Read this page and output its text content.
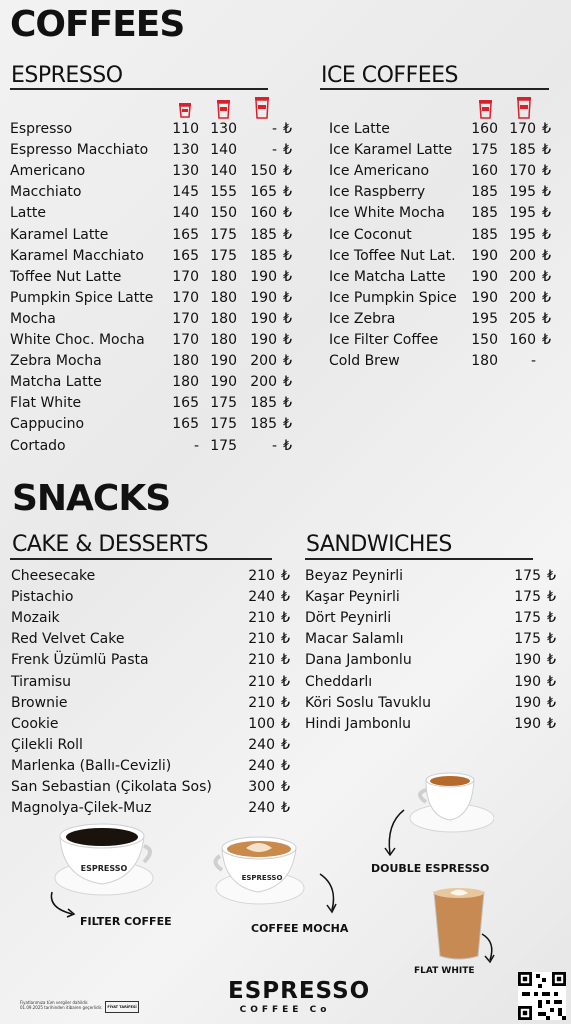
COFFEES
ESPRESSO
Espresso	110 130 - ₺
Espresso Macchiato 130 140 - ₺
Americano	130 140 150 ₺
Macchiato	145 155 165 ₺
Latte	140 150 160 ₺
Karamel Latte	165 175 185 ₺
Karamel Macchiato 165 175 185 ₺
Toffee Nut Latte	170 180 190 ₺
Pumpkin Spice Latte 170 180 190 ₺
Mocha	170 180 190 ₺
White Choc. Mocha 170 180 190 ₺
Zebra Mocha	180 190 200 ₺
Matcha Latte	180 190 200 ₺
Flat White	165 175 185 ₺
Cappucino	165 175 185 ₺
Cortado	- 175 - ₺
ICE COFFEES
Ice Latte	160 170 ₺
Ice Karamel Latte 175 185 ₺
Ice Americano	160 170 ₺
Ice Raspberry	185 195 ₺
Ice White Mocha 185 195 ₺
Ice Coconut	185 195 ₺
Ice Toffee Nut Lat. 190 200 ₺
Ice Matcha Latte 190 200 ₺
Ice Pumpkin Spice 190 200 ₺
Ice Zebra	195 205 ₺
Ice Filter Coffee 150 160 ₺
Cold Brew	180 -
SNACKS
CAKE & DESSERTS
Cheesecake	210 ₺
Pistachio	240 ₺
Mozaik	210 ₺
Red Velvet Cake	210 ₺
Frenk Üzümlü Pasta	210 ₺
Tiramisu	210 ₺
Brownie	210 ₺
Cookie	100 ₺
Çilekli Roll	240 ₺
Marlenka (Ballı-Cevizli)	240 ₺
San Sebastian (Çikolata Sos)	300 ₺
Magnolya-Çilek-Muz	240 ₺
SANDWICHES
Beyaz Peynirli	175 ₺
Kaşar Peynirli	175 ₺
Dört Peynirli	175 ₺
Macar Salamlı	175 ₺
Dana Jambonlu	190 ₺
Cheddarlı	190 ₺
Köri Soslu Tavuklu	190 ₺
Hindi Jambonlu	190 ₺
ESPRESSO
FILTER COFFEE
ESPRESSO
COFFEE MOCHA
DOUBLE ESPRESSO
FLAT WHITE
Fiyatlarımıza tüm vergiler dahildir.
01.09.2025 tarihinden itibaren geçerlidir.	FİYAT TARİFESİ
ESPRESSO
COFFEE Co
